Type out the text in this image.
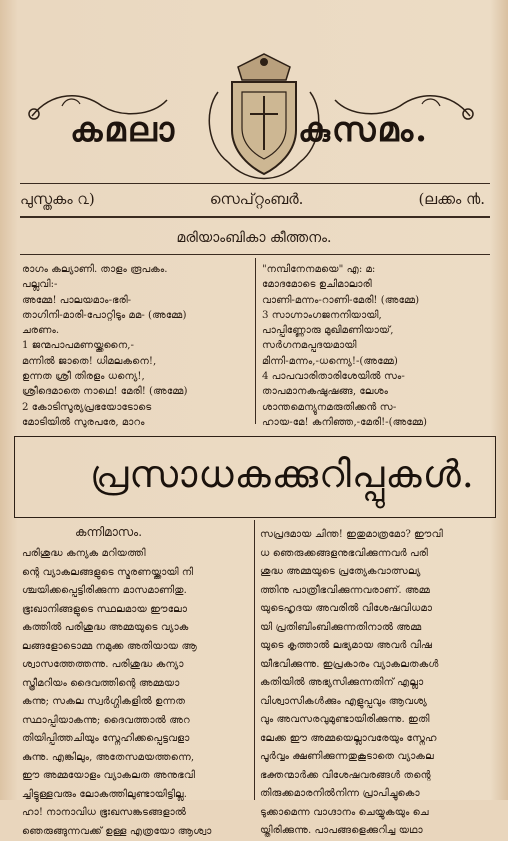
കമലാ	കുസമം.
പുസ്തകം ൨)	സെപ്റ്റംബർ.	(ലക്കം ൯.
മരിയാംബികാ കീത്തനം.
രാഗം കല്യാണി. താളം രൂപകം.
പല്ലവി:-
അമ്മേ! പാലയമാം-ഭരി-
താഗിനി-മാരി-പോറ്റിടും മമ- (അമ്മേ)
ചരണം.
1 ജന്മപാപമണയ്ക്കനൈ,-
മന്നിൽ ജാതെ! ധിമലകനെ!,
ഉന്നത ശ്രീ തിരളം ധന്യെ!,
ശ്രീദെമാതെ നാഥെ! മേരി! (അമ്മേ)
2 കോടിസൂര്യപ്രഭയോടോടെ
മോടിയിൽ സുരപരേ, മാറം
"നമ്പിനേനമയെ" എ: മ:
മോദമോടെ ഉചിമാലാരി
വാണി-മന്നം-റാണി-മേരി! (അമ്മേ)
3 സാഗ്നാംഗജനനിയായി,
പാപ്പിണ്ണോരു മുഖിമണിയായ്,
സർഗനമപ്പദയമായി
മിന്നി-മന്നം,-ധന്ന്യെ!-(അമ്മേ)
4 പാപവാരിതാരിശേയിൽ സം-
താപമാനകഷുഷങ്ങ, ലേശം
ശാന്തമെന്യുനമരുതിക്കൻ സ-
ഹായ-മേ! കനിഞ്ഞ,-മേരി!-(അമ്മേ)
പ്രസാധകക്കുറിപ്പുകൾ.
കന്നിമാസം.
പരിശുദ്ധ കന്യക മറിയത്തി
ന്റെ വ്യാകലങ്ങളുടെ സ്മരണയ്ക്കായി നി
ശ്ചയിക്കപ്പെട്ടിരിക്കുന്ന മാസമാണിതു.
ഭൂഃഖാനിങ്ങളുടെ സ്ഥലമായ ഈലോ
കത്തിൽ പരിശുദ്ധ അമ്മയുടെ വ്യാക
ലങ്ങളോടൊമ്മ നമുക്ക അതിയായ ആ
ശ്വാസത്തേത്തന്നു. പരിശുദ്ധ കന്യാ
സ്ത്രീമറിയം ദൈവത്തിന്റെ അമ്മയാ
കന്നു; സകല സ്വർഗ്ഗികളിൽ ഉന്നത
സ്ഥാപ്പിയാകന്നു; ദൈവത്താൽ അറ
തിയിപ്പിത്തചിയും സ്നേഹിക്കപ്പെട്ടവളാ
കുന്നു. എങ്കിലും, അതേസമയത്തന്നെ,
ഈ അമ്മയോളം വ്യാകലത അനുഭവി
ച്ചിട്ടുള്ളവരും ലോകത്തിലുണ്ടായിട്ടില്ല.
ഹാ! നാനാവിധ ഭൂഃഖസങ്കടങ്ങളാൽ
ഞെരുങ്ങുന്നവക്ക് ഉള്ള എത്രയോ ആശ്വാ
സപ്രദമായ ചിന്ത! ഇതുമാത്രമോ? ഈവി
ധ ഞെരുക്കങ്ങളനുഭവിക്കുന്നവർ പരി
ശുദ്ധ അമ്മയുടെ പ്രത്യേകവാത്സല്യ
ത്തിനു പാത്രീഭവിക്കുന്നവരാണ്. അമ്മ
യുടെഹൃദയ അവരിൽ വിശേഷവിധമാ
യി പ്രതിബിംബിക്കുന്നതിനാൽ അമ്മ
യുടെ കൃത്താൽ ലഭ്യമായ അവർ വിഷ
യീഭവിക്കുന്നു. ഇപ്രകാരം വ്യാകലതകൾ
കതിയിൽ അഭ്യസിക്കുന്നതിന് എല്ലാ
വിശ്വാസികൾക്കും എളുപ്പവും ആവശ്യ
വും അവസരവുമുണ്ടായിരിക്കുന്നു. ഇതി
ലേക്ക ഈ അമ്മയെല്ലാവരേയും സ്നേഹ
പൂർവ്വം ക്ഷണിക്കുന്നതുകൂടാതെ വ്യാകല
ഭക്തന്മാർക്ക വിശേഷവരങ്ങൾ തന്റെ
തിരുക്കമാരനിൽനിന്ന പ്രാപിച്ചുകൊ
ടുക്കാമെന്ന വാഗ്ദാനം ചെയ്യുകയും ചെ
യ്തിരിക്കുന്നു. പാപങ്ങളെക്കുറിച്ച യഥാ
